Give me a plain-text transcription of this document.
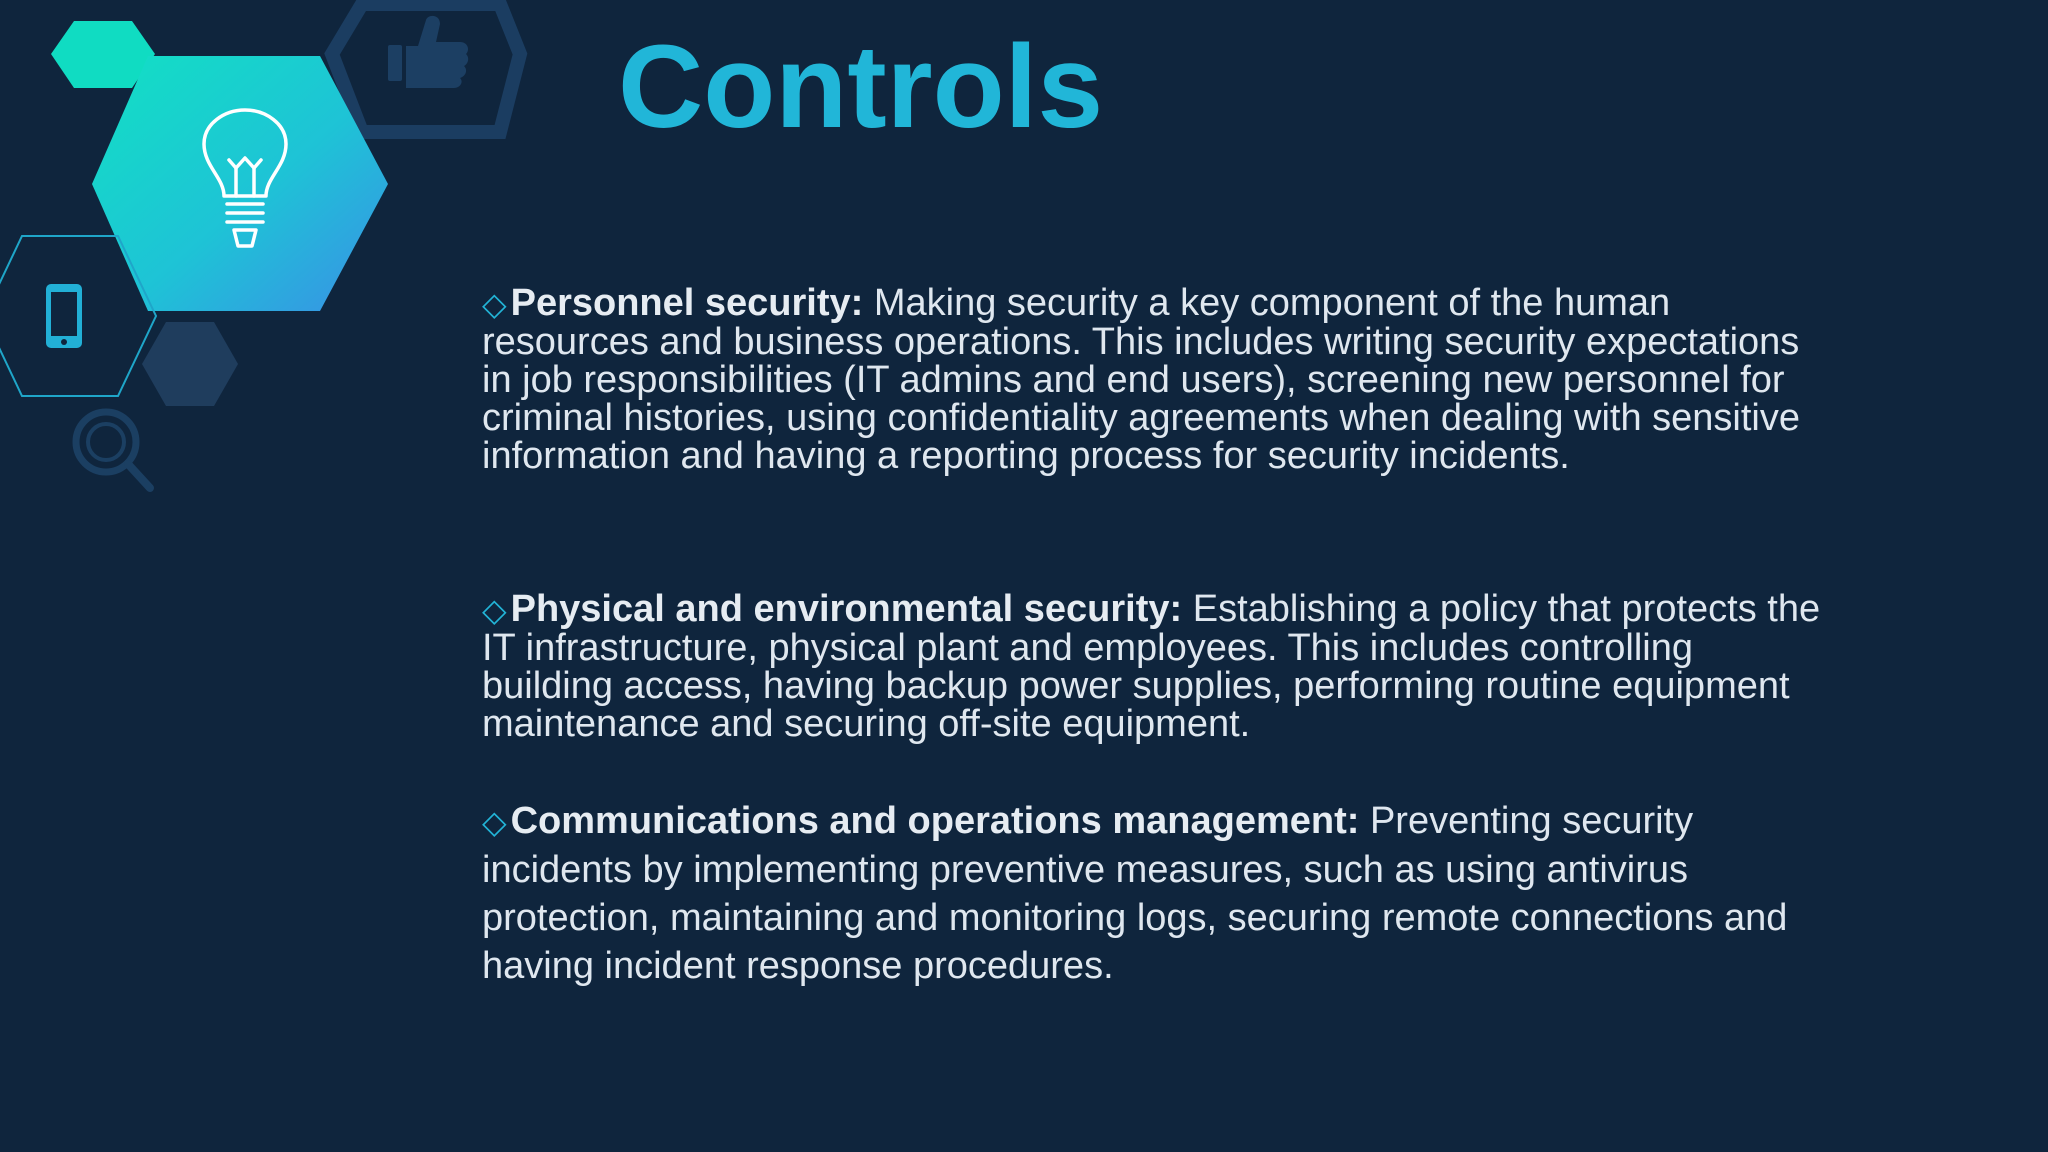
Controls

◇ Personnel security: Making security a key component of the human resources and business operations. This includes writing security expectations in job responsibilities (IT admins and end users), screening new personnel for criminal histories, using confidentiality agreements when dealing with sensitive information and having a reporting process for security incidents.

◇ Physical and environmental security: Establishing a policy that protects the IT infrastructure, physical plant and employees. This includes controlling building access, having backup power supplies, performing routine equipment maintenance and securing off-site equipment.

◇ Communications and operations management: Preventing security incidents by implementing preventive measures, such as using antivirus protection, maintaining and monitoring logs, securing remote connections and having incident response procedures.
